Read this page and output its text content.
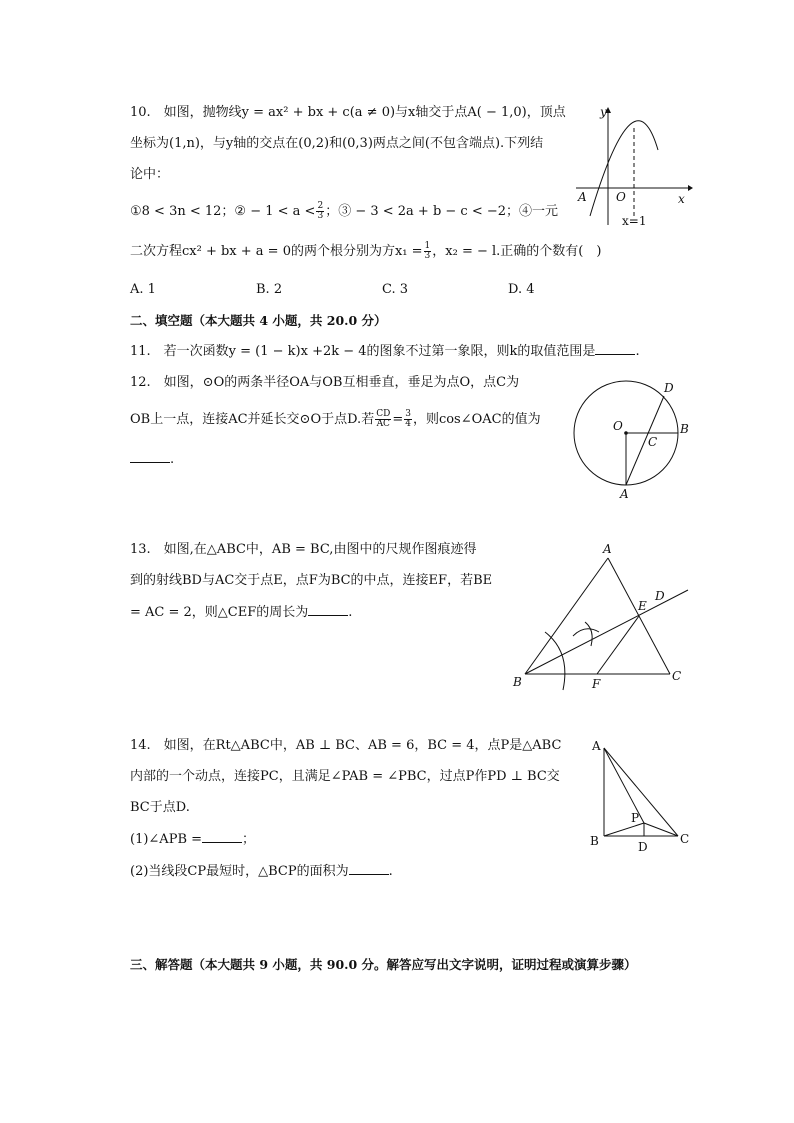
10. 如图，抛物线y = ax² + bx + c(a ≠ 0)与x轴交于点A( − 1,0)，顶点
坐标为(1,n)，与y轴的交点在(0,2)和(0,3)两点之间(不包含端点).下列结
论中：
①8 < 3n < 12；② − $1 < a < \frac{2}{3}$ ；③ − 3 < 2a + b − c < −2；④一元
二次方程cx² + bx + a = 0的两个根分别为方$x_1 = \frac{1}{3}$ ，x₂ = − l.正确的个数有( )
A. 1	B. 2	C. 3	D. 4
y
x
O
A
x=1
二、填空题（本大题共 4 小题，共 20.0 分）
11. 若一次函数y = (1 − k)x +2k − 4的图象不过第一象限，则k的取值范围是	.
12. 如图，⊙O的两条半径OA与OB互相垂直，垂足为点O，点C为
OB上一点，连接AC并延长交⊙O于点D.若 $\frac{CD}{AC} = \frac{3}{4}$ ，则cos∠OAC的值为
.
O	B
C
D
A
13. 如图,在△ABC中，AB = BC,由图中的尺规作图痕迹得
到的射线BD与AC交于点E，点F为BC的中点，连接EF，若BE
= AC = 2，则△CEF的周长为	.
A
B	C
D
E
F
14. 如图，在Rt△ABC中，AB ⊥ BC、AB = 6，BC = 4，点P是△ABC
内部的一个动点，连接PC，且满足∠PAB = ∠PBC，过点P作PD ⊥ BC交
BC于点D.
(1)∠APB =	；
(2)当线段CP最短时，△BCP的面积为	.
A
B	C
D
P
三、解答题（本大题共 9 小题，共 90.0 分。解答应写出文字说明，证明过程或演算步骤）
